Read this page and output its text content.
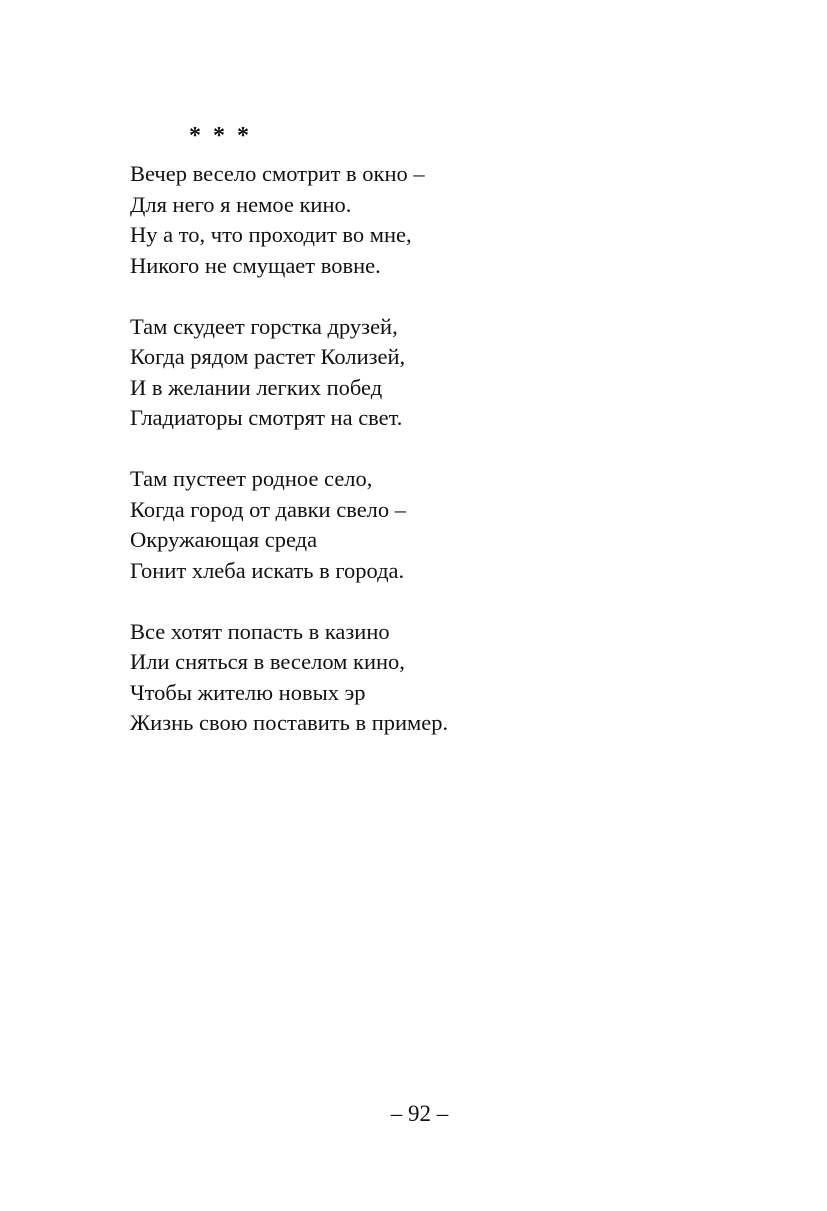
* * *
Вечер весело смотрит в окно –
Для него я немое кино.
Ну а то, что проходит во мне,
Никого не смущает вовне.
Там скудеет горстка друзей,
Когда рядом растет Колизей,
И в желании легких побед
Гладиаторы смотрят на свет.
Там пустеет родное село,
Когда город от давки свело –
Окружающая среда
Гонит хлеба искать в города.
Все хотят попасть в казино
Или сняться в веселом кино,
Чтобы жителю новых эр
Жизнь свою поставить в пример.
– 92 –
